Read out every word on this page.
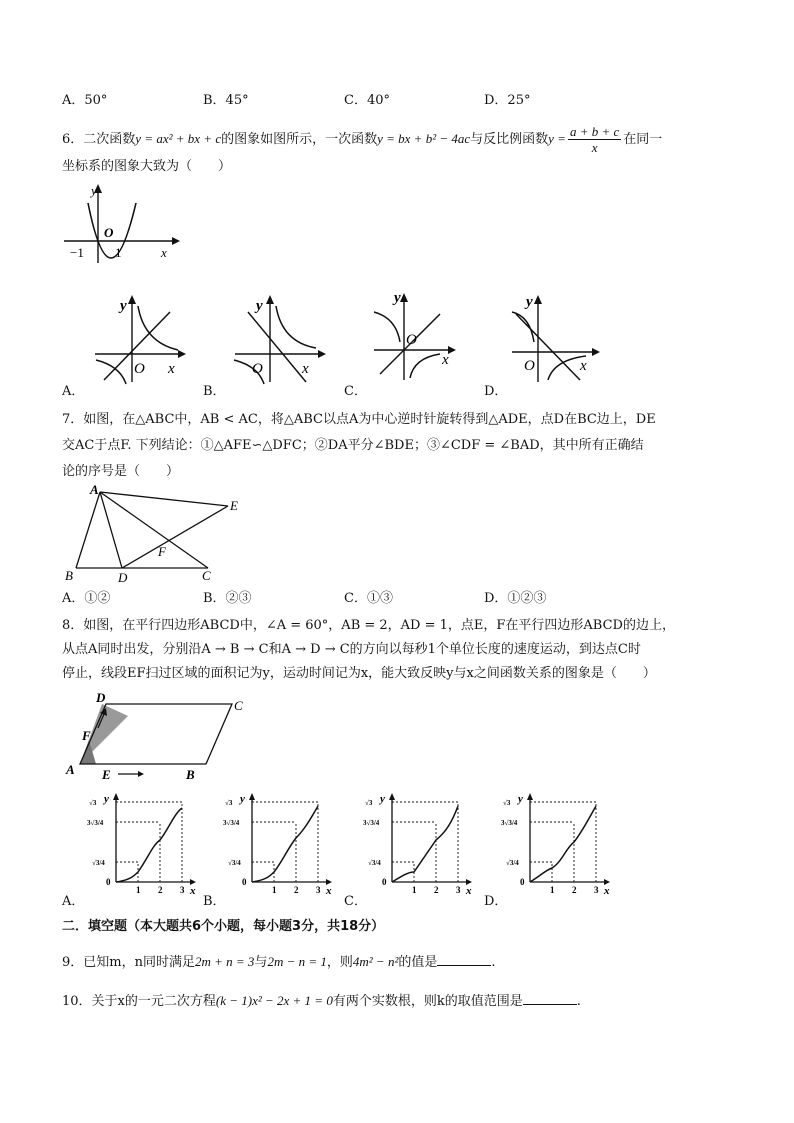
A．50°	B．45°	C．40°	D．25°
6．二次函数y = ax² + bx + c的图象如图所示，一次函数y = bx + b² − 4ac与反比例函数$y = \frac{a + b + c}{x}$ 在同一
坐标系的图象大致为（　　）
y
O
x
−1 1
y
O x
y
O	x
y
O
x
y
O	x
A．	B．	C．	D．
7．如图，在△ABC中，AB < AC，将△ABC以点A为中心逆时针旋转得到△ADE，点D在BC边上，DE
交AC于点F. 下列结论：①△AFE∽△DFC；②DA平分∠BDE；③∠CDF = ∠BAD，其中所有正确结
论的序号是（　　）
A
B	D	C
E
F
A．①②	B．②③	C．①③	D．①②③
8．如图，在平行四边形ABCD中，∠A = 60°，AB = 2，AD = 1，点E，F在平行四边形ABCD的边上，
从点A同时出发，分别沿A → B → C和A → D → C的方向以每秒1个单位长度的速度运动，到达点C时
停止，线段EF扫过区域的面积记为y，运动时间记为x，能大致反映y与x之间函数关系的图象是（　　）
D
C
F
A E	B
y
x
0
√3
3√3/4
√3/4
1 2 3
y
x
0
√3
3√3/4
√3/4
1 2 3
y
x
0
√3
3√3/4
√3/4
1 2 3
y
x
0
√3
3√3/4
√3/4
1 2 3
A．	B．	C．	D．
二．填空题（本大题共6个小题，每小题3分，共18分）
9．已知m，n同时满足2m + n = 3与2m − n = 1，则4m² − n²的值是	.
10．关于x的一元二次方程(k − 1)x² − 2x + 1 = 0有两个实数根，则k的取值范围是	.
